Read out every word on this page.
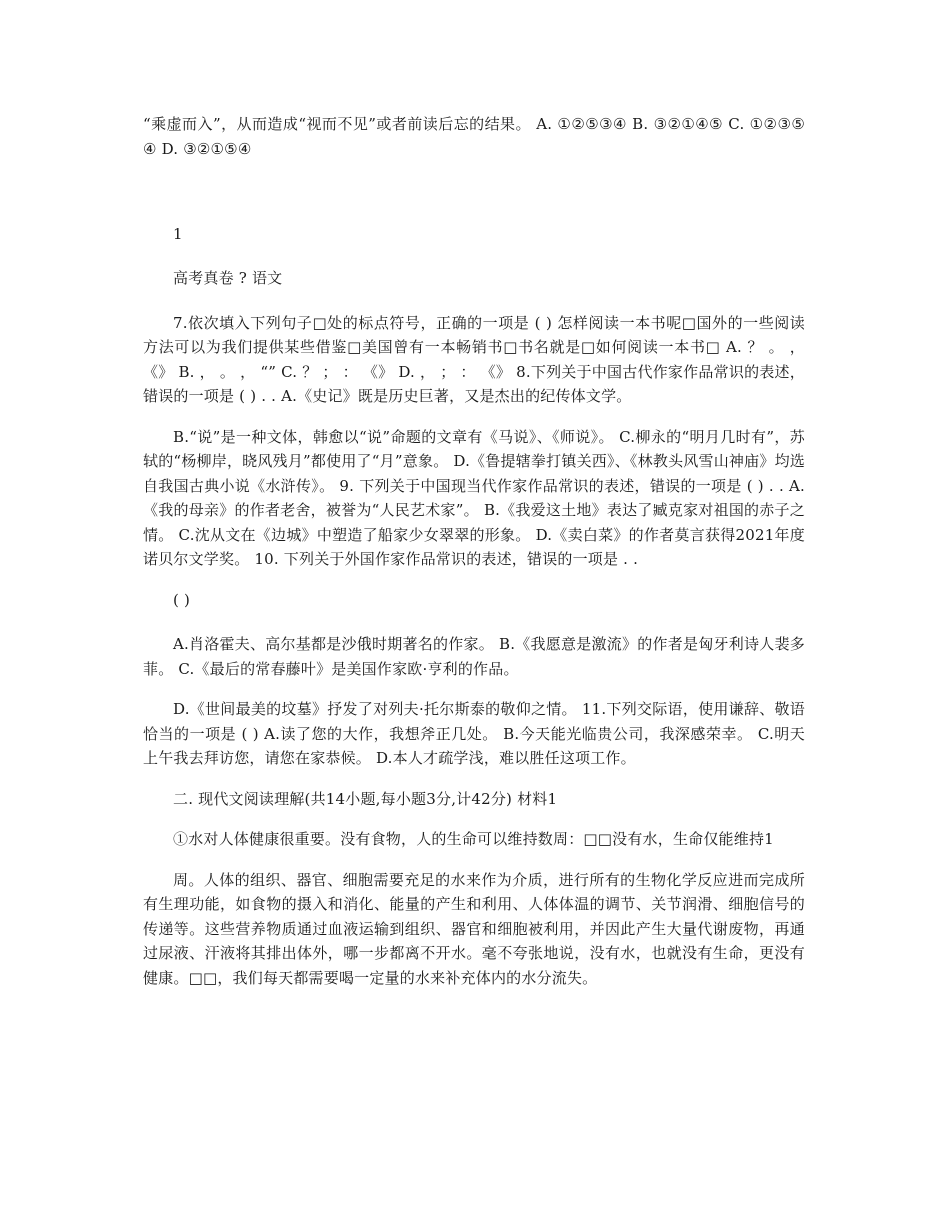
“乘虚而入”，从而造成“视而不见”或者前读后忘的结果。 A. ①②⑤③④ B. ③②①④⑤ C. ①②③⑤④ D. ③②①⑤④

1

高考真卷 ? 语文

7.依次填入下列句子□处的标点符号，正确的一项是 ( ) 怎样阅读一本书呢□国外的一些阅读方法可以为我们提供某些借鉴□美国曾有一本畅销书□书名就是□如何阅读一本书□ A. ？ 。 ， 《》 B. ， 。 ， “” C. ？ ； ： 《》 D. ， ； ： 《》 8.下列关于中国古代作家作品常识的表述，错误的一项是 ( ) . . A.《史记》既是历史巨著，又是杰出的纪传体文学。

B.“说”是一种文体，韩愈以“说”命题的文章有《马说》、《师说》。 C.柳永的“明月几时有”，苏轼的“杨柳岸，晓风残月”都使用了“月”意象。 D.《鲁提辖拳打镇关西》、《林教头风雪山神庙》均选自我国古典小说《水浒传》。 9. 下列关于中国现当代作家作品常识的表述，错误的一项是 ( ) . . A.《我的母亲》的作者老舍，被誉为“人民艺术家”。 B.《我爱这土地》表达了臧克家对祖国的赤子之情。 C.沈从文在《边城》中塑造了船家少女翠翠的形象。 D.《卖白菜》的作者莫言获得2021年度诺贝尔文学奖。 10. 下列关于外国作家作品常识的表述，错误的一项是 . .

( )

A.肖洛霍夫、高尔基都是沙俄时期著名的作家。 B.《我愿意是激流》的作者是匈牙利诗人裴多菲。 C.《最后的常春藤叶》是美国作家欧·亨利的作品。

D.《世间最美的坟墓》抒发了对列夫·托尔斯泰的敬仰之情。 11.下列交际语，使用谦辞、敬语恰当的一项是 ( ) A.读了您的大作，我想斧正几处。 B.今天能光临贵公司，我深感荣幸。 C.明天上午我去拜访您，请您在家恭候。 D.本人才疏学浅，难以胜任这项工作。

二. 现代文阅读理解(共14小题,每小题3分,计42分) 材料1

①水对人体健康很重要。没有食物，人的生命可以维持数周：□□没有水，生命仅能维持1

周。人体的组织、器官、细胞需要充足的水来作为介质，进行所有的生物化学反应进而完成所有生理功能，如食物的摄入和消化、能量的产生和利用、人体体温的调节、关节润滑、细胞信号的传递等。这些营养物质通过血液运输到组织、器官和细胞被利用，并因此产生大量代谢废物，再通过尿液、汗液将其排出体外，哪一步都离不开水。毫不夸张地说，没有水，也就没有生命，更没有健康。□□，我们每天都需要喝一定量的水来补充体内的水分流失。
